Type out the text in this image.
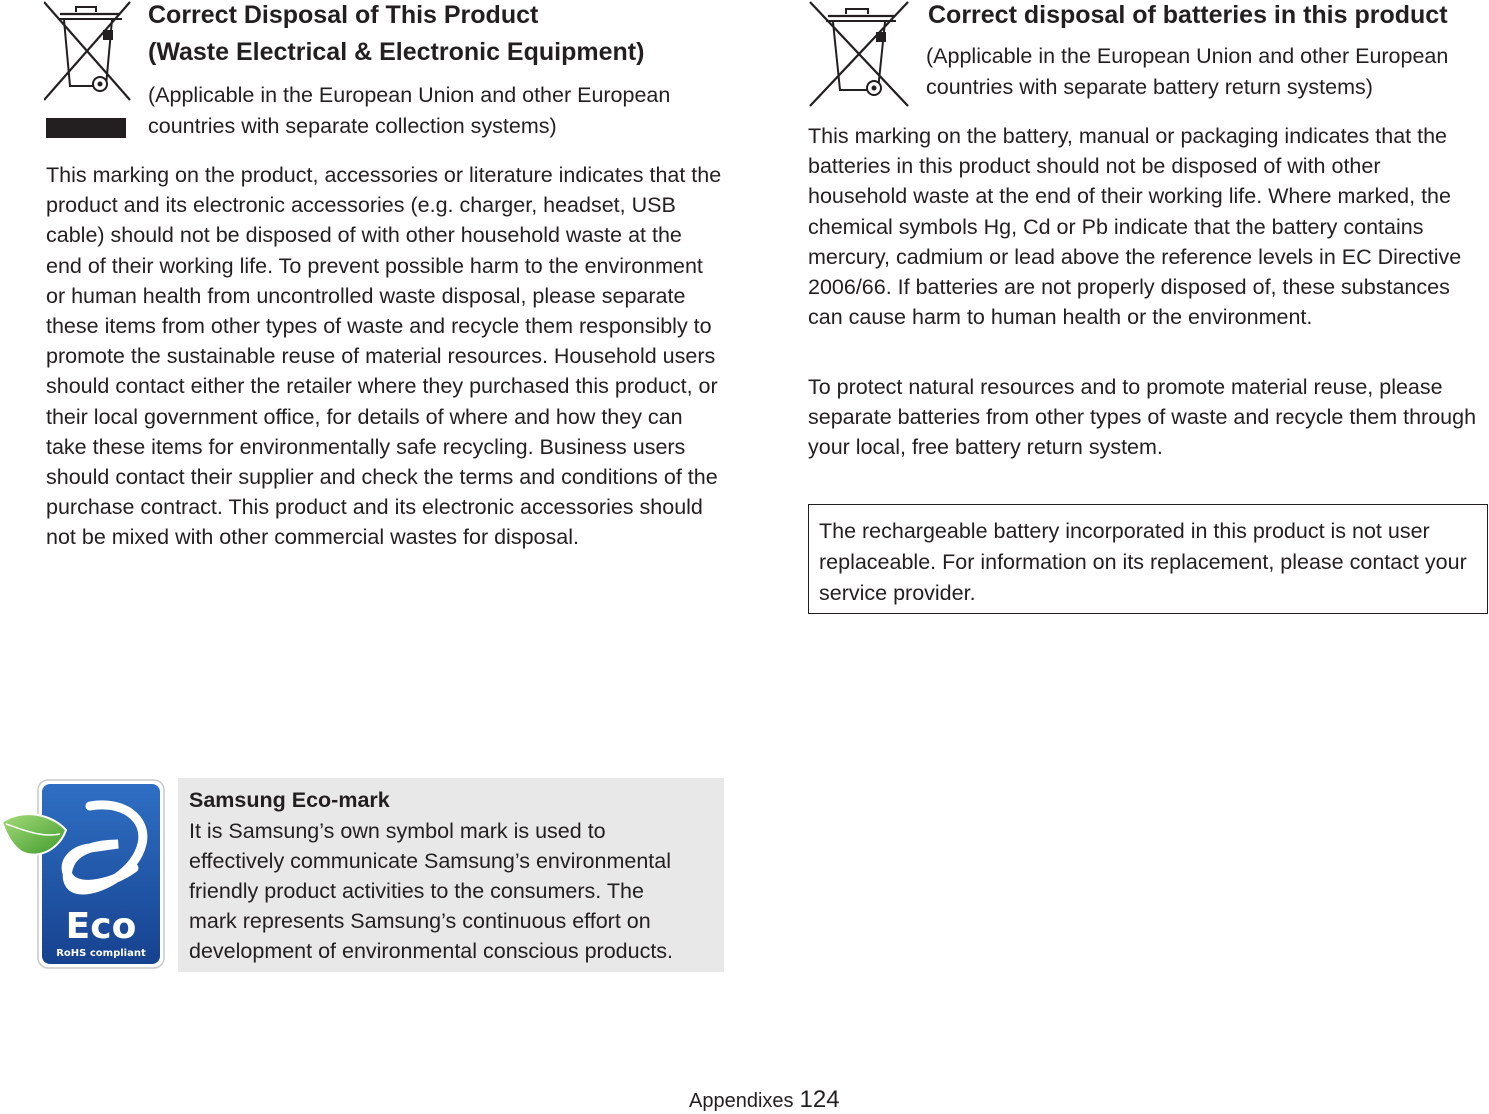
Correct Disposal of This Product
(Waste Electrical & Electronic Equipment)
(Applicable in the European Union and other European countries with separate collection systems)
This marking on the product, accessories or literature indicates that the product and its electronic accessories (e.g. charger, headset, USB cable) should not be disposed of with other household waste at the end of their working life. To prevent possible harm to the environment or human health from uncontrolled waste disposal, please separate these items from other types of waste and recycle them responsibly to promote the sustainable reuse of material resources. Household users should contact either the retailer where they purchased this product, or their local government office, for details of where and how they can take these items for environmentally safe recycling. Business users should contact their supplier and check the terms and conditions of the purchase contract. This product and its electronic accessories should not be mixed with other commercial wastes for disposal.
Correct disposal of batteries in this product
(Applicable in the European Union and other European countries with separate battery return systems)
This marking on the battery, manual or packaging indicates that the batteries in this product should not be disposed of with other household waste at the end of their working life. Where marked, the chemical symbols Hg, Cd or Pb indicate that the battery contains mercury, cadmium or lead above the reference levels in EC Directive 2006/66. If batteries are not properly disposed of, these substances can cause harm to human health or the environment.
To protect natural resources and to promote material reuse, please separate batteries from other types of waste and recycle them through your local, free battery return system.
The rechargeable battery incorporated in this product is not user replaceable. For information on its replacement, please contact your service provider.
Eco
RoHS compliant
Samsung Eco-mark
It is Samsung’s own symbol mark is used to effectively communicate Samsung’s environmental friendly product activities to the consumers. The mark represents Samsung’s continuous effort on development of environmental conscious products.
Appendixes 124
